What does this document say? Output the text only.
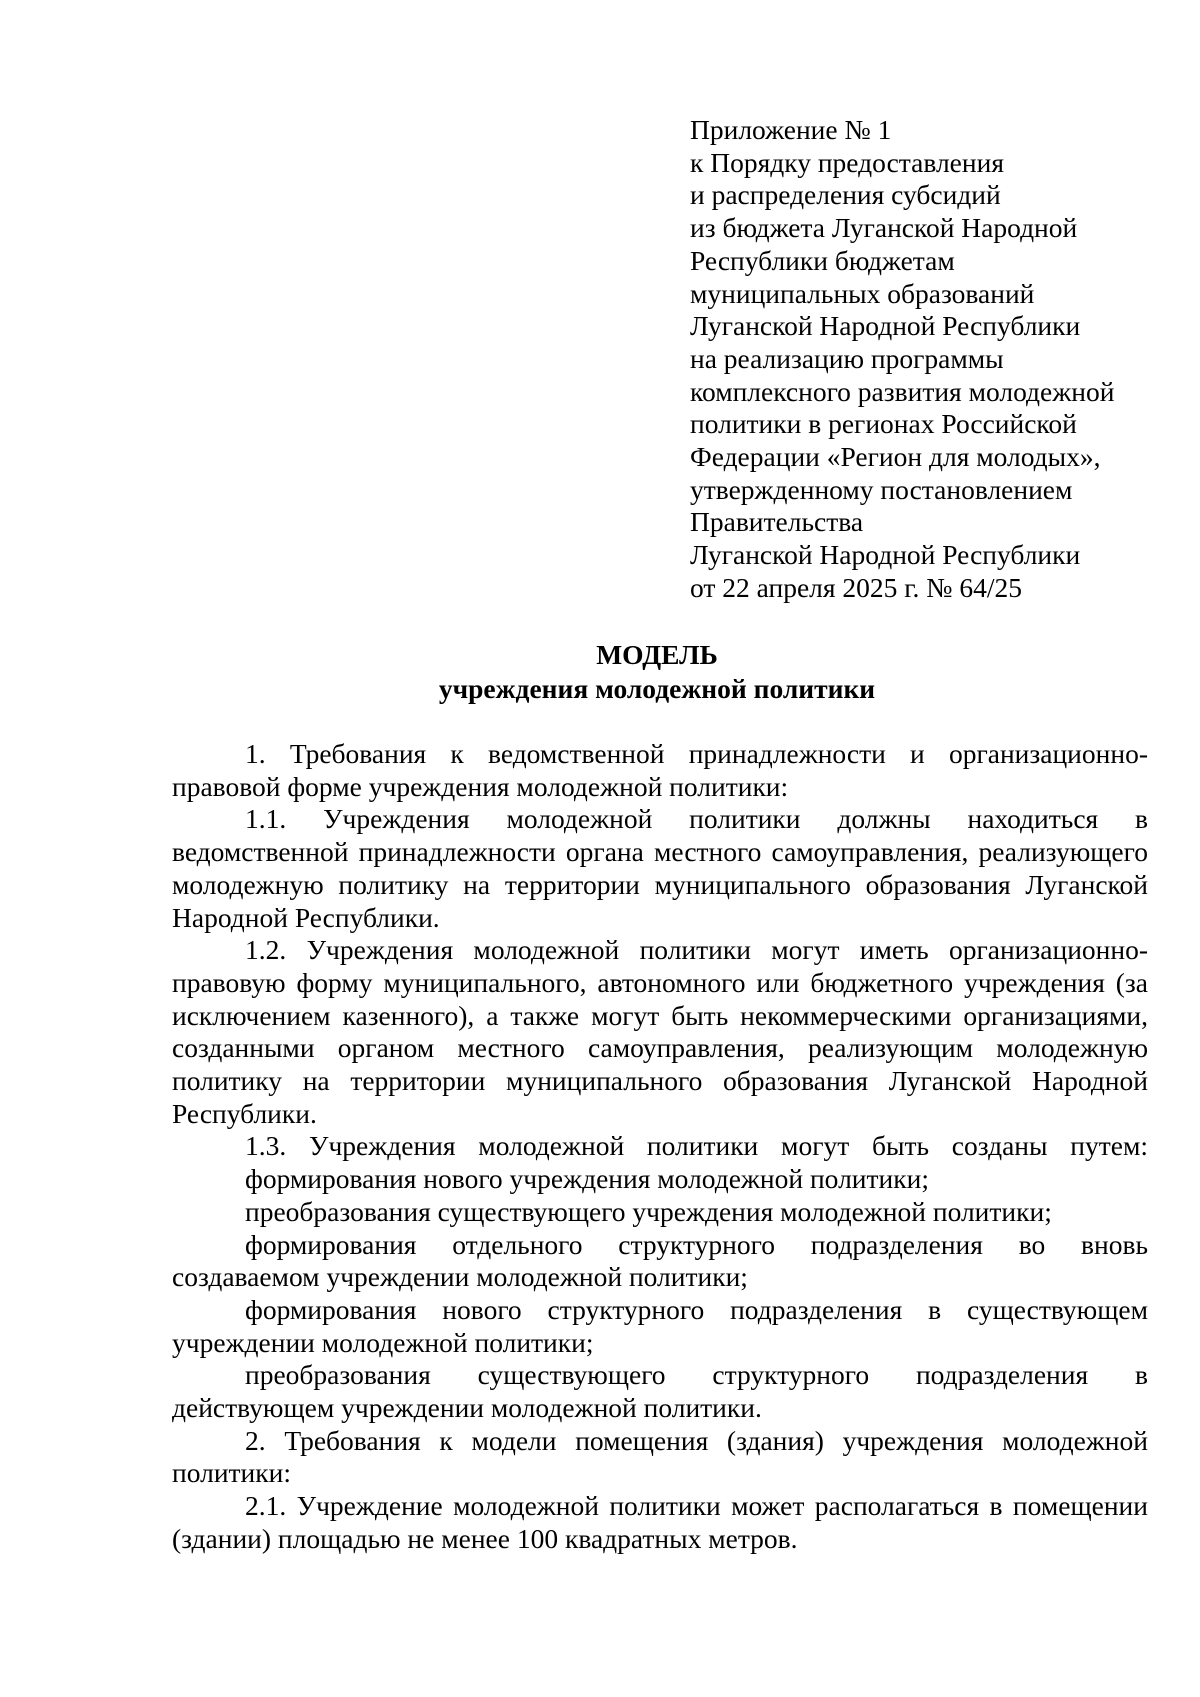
Приложение № 1
к Порядку предоставления
и распределения субсидий
из бюджета Луганской Народной
Республики бюджетам
муниципальных образований
Луганской Народной Республики
на реализацию программы
комплексного развития молодежной
политики в регионах Российской
Федерации «Регион для молодых»,
утвержденному постановлением
Правительства
Луганской Народной Республики
от 22 апреля 2025 г. № 64/25
МОДЕЛЬ
учреждения молодежной политики

1. Требования к ведомственной принадлежности и организационно-правовой форме учреждения молодежной политики:

1.1. Учреждения молодежной политики должны находиться в ведомственной принадлежности органа местного самоуправления, реализующего молодежную политику на территории муниципального образования Луганской Народной Республики.

1.2. Учреждения молодежной политики могут иметь организационно-правовую форму муниципального, автономного или бюджетного учреждения (за исключением казенного), а также могут быть некоммерческими организациями, созданными органом местного самоуправления, реализующим молодежную политику на территории муниципального образования Луганской Народной Республики.

1.3. Учреждения молодежной политики могут быть созданы путем:

формирования нового учреждения молодежной политики;

преобразования существующего учреждения молодежной политики;

формирования отдельного структурного подразделения во вновь создаваемом учреждении молодежной политики;

формирования нового структурного подразделения в существующем учреждении молодежной политики;

преобразования существующего структурного подразделения в действующем учреждении молодежной политики.

2. Требования к модели помещения (здания) учреждения молодежной политики:

2.1. Учреждение молодежной политики может располагаться в помещении (здании) площадью не менее 100 квадратных метров.
